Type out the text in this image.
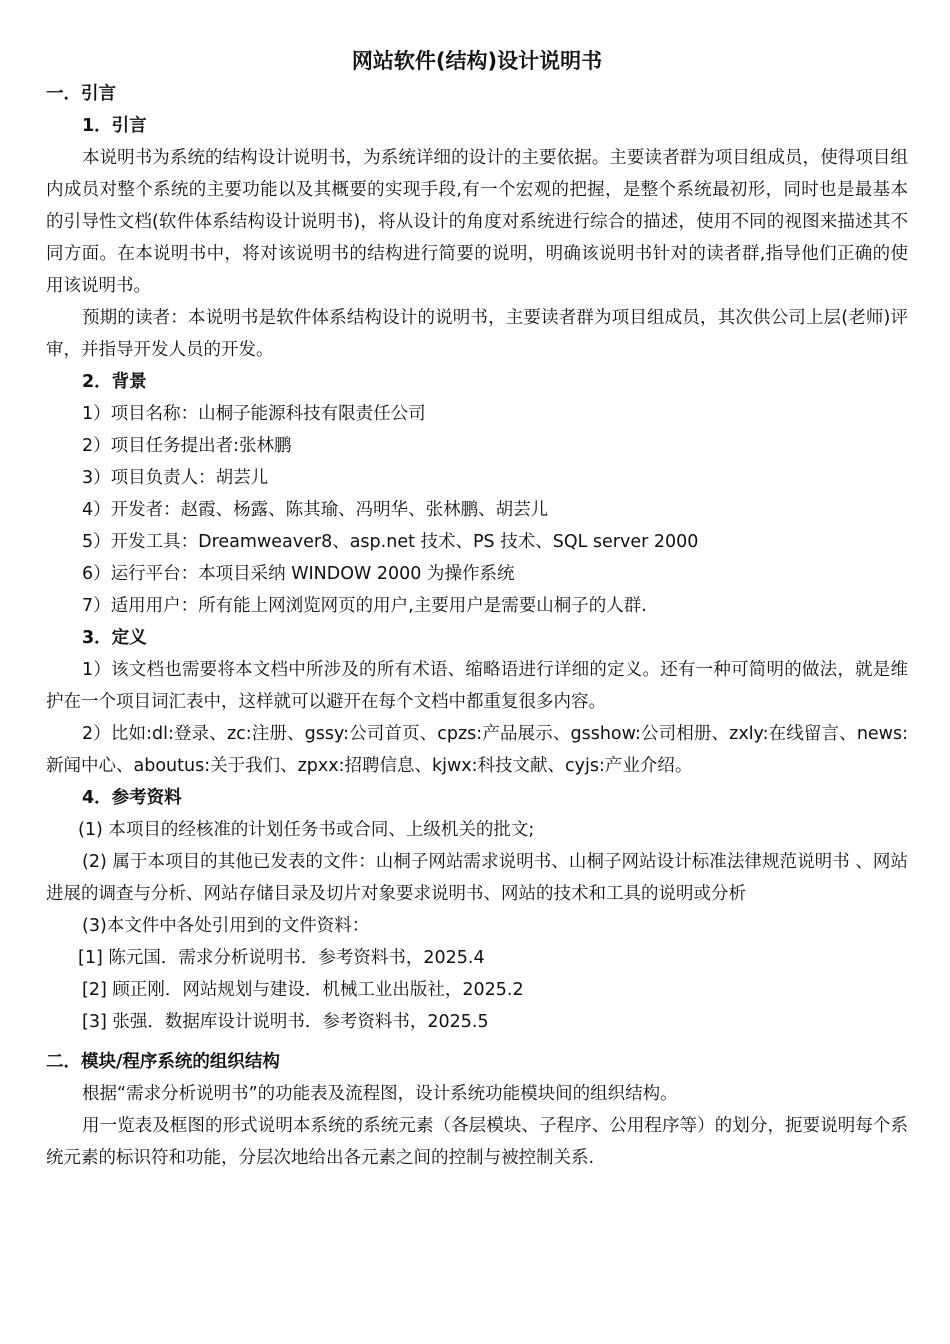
网站软件(结构)设计说明书
一．引言
1．引言

本说明书为系统的结构设计说明书，为系统详细的设计的主要依据。主要读者群为项目组成员，使得项目组内成员对整个系统的主要功能以及其概要的实现手段,有一个宏观的把握，是整个系统最初形，同时也是最基本的引导性文档(软件体系结构设计说明书)，将从设计的角度对系统进行综合的描述，使用不同的视图来描述其不同方面。在本说明书中，将对该说明书的结构进行简要的说明，明确该说明书针对的读者群,指导他们正确的使用该说明书。

预期的读者：本说明书是软件体系结构设计的说明书，主要读者群为项目组成员，其次供公司上层(老师)评审，并指导开发人员的开发。

2．背景
1）项目名称：山桐子能源科技有限责任公司
2）项目任务提出者:张林鹏
3）项目负责人：胡芸儿
4）开发者：赵霞、杨露、陈其瑜、冯明华、张林鹏、胡芸儿
5）开发工具：Dreamweaver8、asp.net 技术、PS 技术、SQL server 2000
6）运行平台：本项目采纳 WINDOW 2000 为操作系统
7）适用用户：所有能上网浏览网页的用户,主要用户是需要山桐子的人群.
3．定义

1）该文档也需要将本文档中所涉及的所有术语、缩略语进行详细的定义。还有一种可简明的做法，就是维护在一个项目词汇表中，这样就可以避开在每个文档中都重复很多内容。

2）比如:dl:登录、zc:注册、gssy:公司首页、cpzs:产品展示、gsshow:公司相册、zxly:在线留言、news:新闻中心、aboutus:关于我们、zpxx:招聘信息、kjwx:科技文献、cyjs:产业介绍。

4．参考资料
(1) 本项目的经核准的计划任务书或合同、上级机关的批文;

(2) 属于本项目的其他已发表的文件：山桐子网站需求说明书、山桐子网站设计标准法律规范说明书 、网站进展的调查与分析、网站存储目录及切片对象要求说明书、网站的技术和工具的说明或分析

(3)本文件中各处引用到的文件资料：
[1] 陈元国．需求分析说明书．参考资料书，2025.4
[2] 顾正刚．网站规划与建设．机械工业出版社，2025.2
[3] 张强．数据库设计说明书．参考资料书，2025.5
二．模块/程序系统的组织结构

根据“需求分析说明书”的功能表及流程图，设计系统功能模块间的组织结构。

用一览表及框图的形式说明本系统的系统元素（各层模块、子程序、公用程序等）的划分，扼要说明每个系统元素的标识符和功能，分层次地给出各元素之间的控制与被控制关系.
